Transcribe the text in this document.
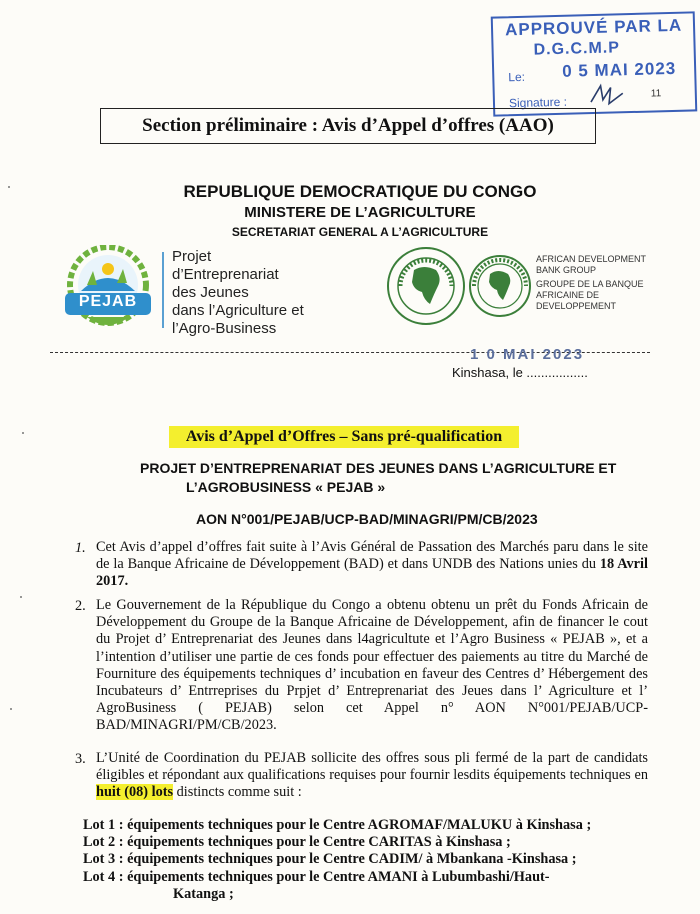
APPROUVÉ PAR LA
D.G.C.M.P
Le: 0 5 MAI 2023
Signature :
11
Section préliminaire : Avis d’Appel d’offres (AAO)
REPUBLIQUE DEMOCRATIQUE DU CONGO
MINISTERE DE L’AGRICULTURE
SECRETARIAT GENERAL A L’AGRICULTURE
PEJAB
Projet
d’Entreprenariat
des Jeunes
dans l’Agriculture et
l’Agro-Business
AFRICAN DEVELOPMENT
BANK GROUP
GROUPE DE LA BANQUE
AFRICAINE DE
DEVELOPPEMENT
1 0 MAI 2023
Kinshasa, le .................
Avis d’Appel d’Offres – Sans pré-qualification
PROJET D’ENTREPRENARIAT DES JEUNES DANS L’AGRICULTURE ET
L’AGROBUSINESS « PEJAB »
AON N°001/PEJAB/UCP-BAD/MINAGRI/PM/CB/2023
1. Cet Avis d’appel d’offres fait suite à l’Avis Général de Passation des Marchés paru dans le site de la Banque Africaine de Développement (BAD) et dans UNDB des Nations unies du 18 Avril 2017.
2. Le Gouvernement de la République du Congo a obtenu obtenu un prêt du Fonds Africain de Développement du Groupe de la Banque Africaine de Développement, afin de financer le cout du Projet d’ Entreprenariat des Jeunes dans l4agricultute et l’Agro Business « PEJAB », et a l’intention d’utiliser une partie de ces fonds pour effectuer des paiements au titre du Marché de Fourniture des équipements techniques d’ incubation en faveur des Centres d’ Hébergement des Incubateurs d’ Entrreprises du Prpjet d’ Entreprenariat des Jeues dans l’ Agriculture et l’ AgroBusiness ( PEJAB) selon cet Appel n° AON N°001/PEJAB/UCP-BAD/MINAGRI/PM/CB/2023.
3. L’Unité de Coordination du PEJAB sollicite des offres sous pli fermé de la part de candidats éligibles et répondant aux qualifications requises pour fournir lesdits équipements techniques en huit (08) lots distincts comme suit :
Lot 1 : équipements techniques pour le Centre AGROMAF/MALUKU à Kinshasa ;
Lot 2 : équipements techniques pour le Centre CARITAS à Kinshasa ;
Lot 3 : équipements techniques pour le Centre CADIM/ à Mbankana -Kinshasa ;
Lot 4 : équipements techniques pour le Centre AMANI à Lubumbashi/Haut-
Katanga ;
